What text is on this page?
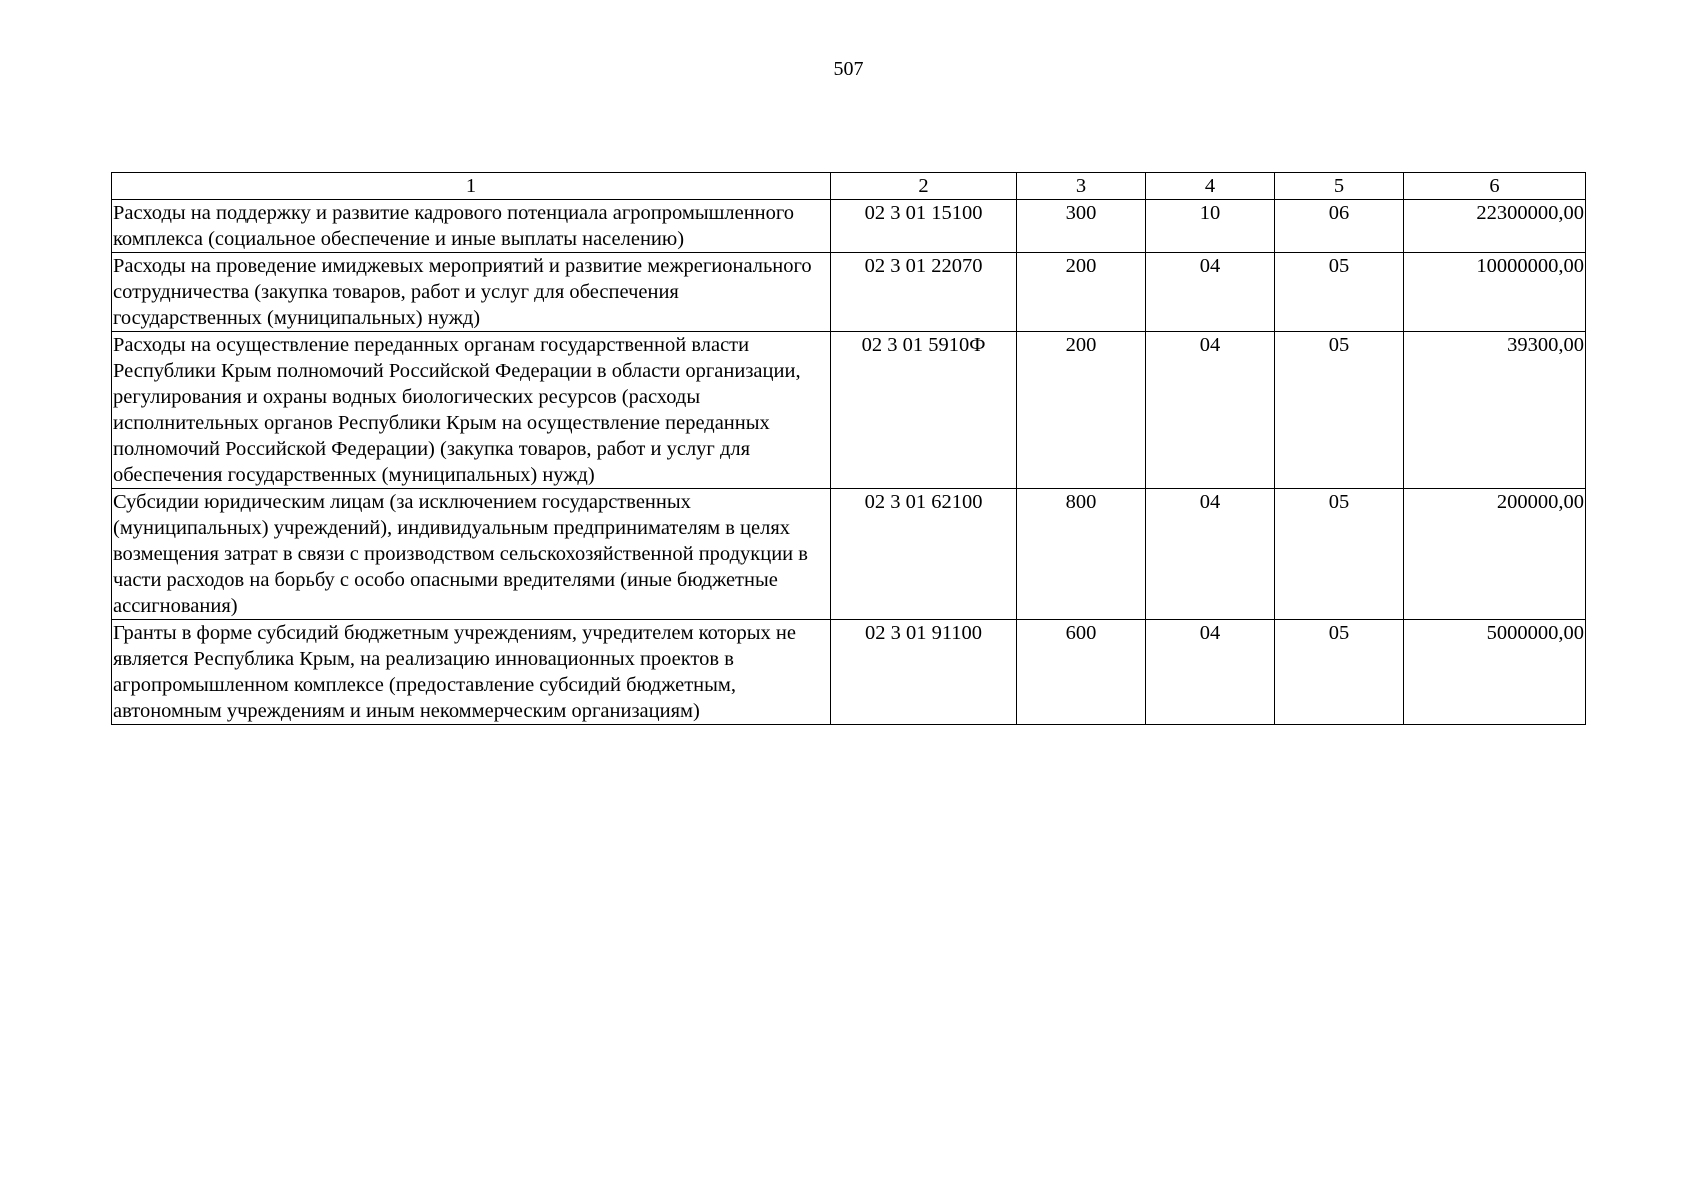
507
1	2	3	4	5	6
Расходы на поддержку и развитие кадрового потенциала агропромышленного комплекса (социальное обеспечение и иные выплаты населению)	02 3 01 15100	300	10	06	22300000,00
Расходы на проведение имиджевых мероприятий и развитие межрегионального сотрудничества (закупка товаров, работ и услуг для обеспечения государственных (муниципальных) нужд)	02 3 01 22070	200	04	05	10000000,00
Расходы на осуществление переданных органам государственной власти Республики Крым полномочий Российской Федерации в области организации, регулирования и охраны водных биологических ресурсов (расходы исполнительных органов Республики Крым на осуществление переданных полномочий Российской Федерации) (закупка товаров, работ и услуг для обеспечения государственных (муниципальных) нужд)	02 3 01 5910Ф	200	04	05	39300,00
Субсидии юридическим лицам (за исключением государственных (муниципальных) учреждений), индивидуальным предпринимателям в целях возмещения затрат в связи с производством сельскохозяйственной продукции в части расходов на борьбу с особо опасными вредителями (иные бюджетные ассигнования)	02 3 01 62100	800	04	05	200000,00
Гранты в форме субсидий бюджетным учреждениям, учредителем которых не является Республика Крым, на реализацию инновационных проектов в агропромышленном комплексе (предоставление субсидий бюджетным, автономным учреждениям и иным некоммерческим организациям)	02 3 01 91100	600	04	05	5000000,00
